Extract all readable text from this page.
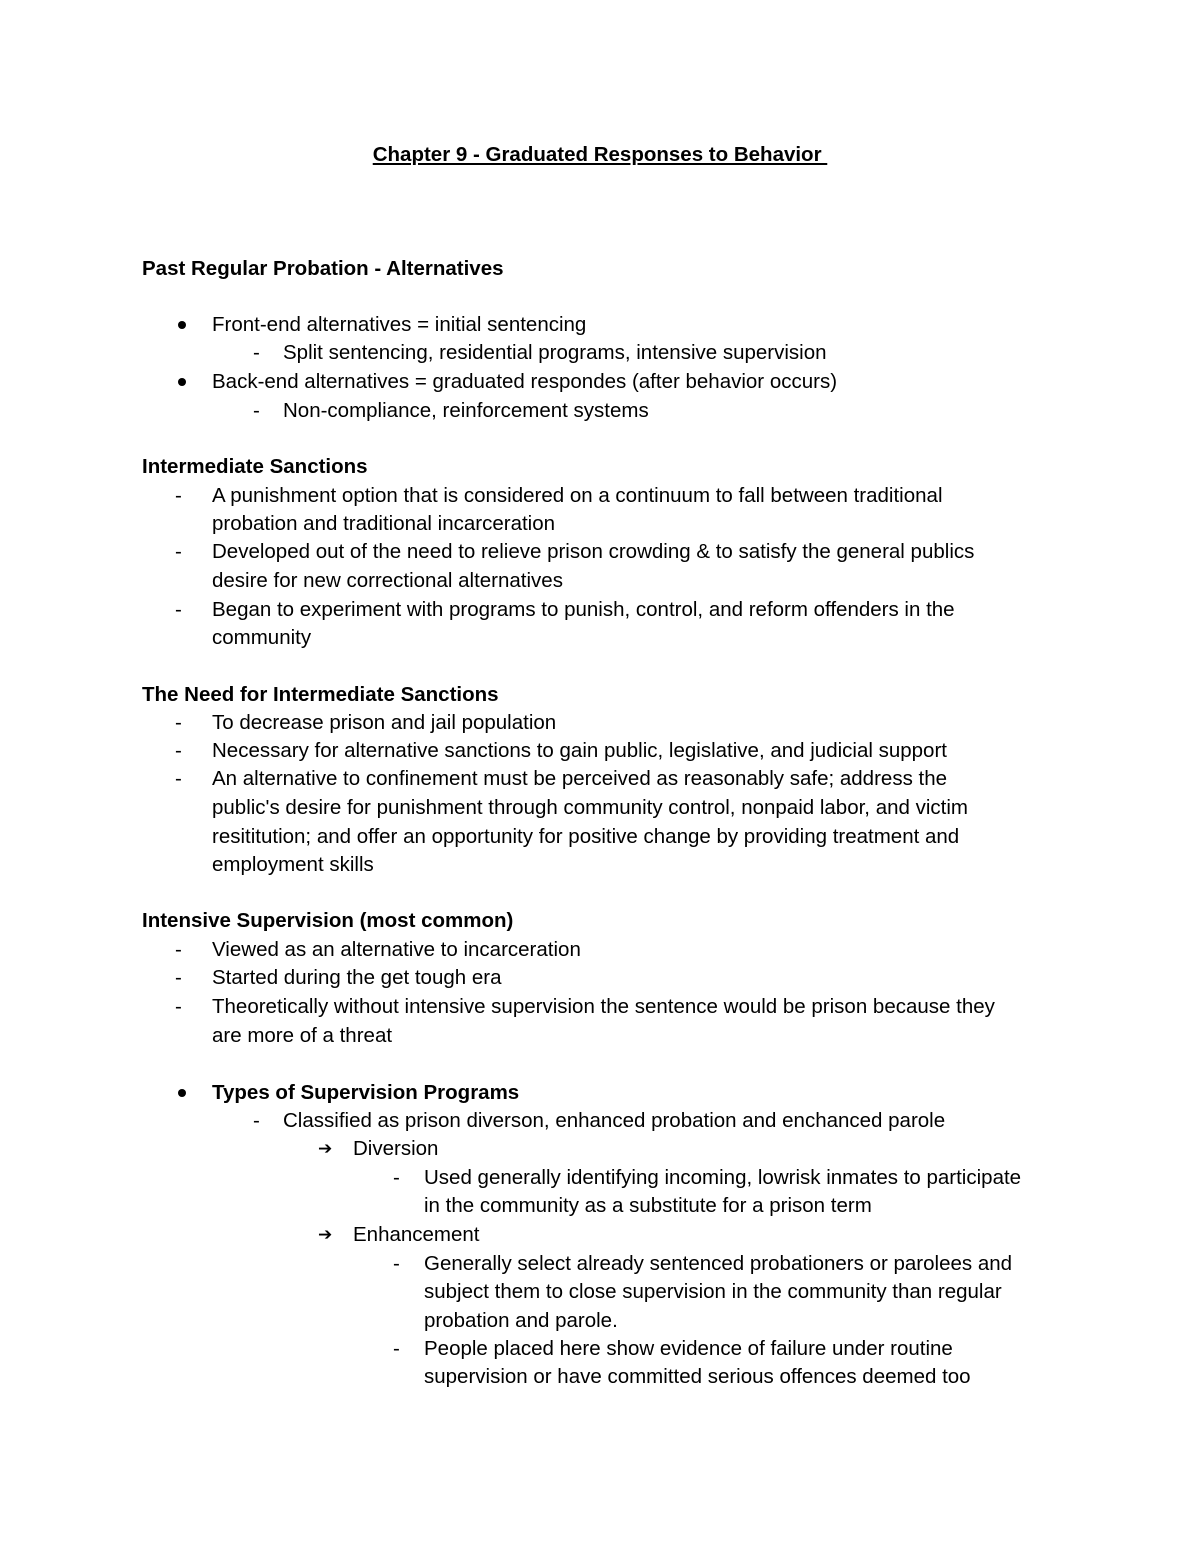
Chapter 9 - Graduated Responses to Behavior
Past Regular Probation - Alternatives
Front-end alternatives = initial sentencing
- Split sentencing, residential programs, intensive supervision
Back-end alternatives = graduated respondes (after behavior occurs)
- Non-compliance, reinforcement systems
Intermediate Sanctions
- A punishment option that is considered on a continuum to fall between traditional
probation and traditional incarceration
- Developed out of the need to relieve prison crowding & to satisfy the general publics
desire for new correctional alternatives
- Began to experiment with programs to punish, control, and reform offenders in the
community
The Need for Intermediate Sanctions
- To decrease prison and jail population
- Necessary for alternative sanctions to gain public, legislative, and judicial support
- An alternative to confinement must be perceived as reasonably safe; address the
public's desire for punishment through community control, nonpaid labor, and victim
resititution; and offer an opportunity for positive change by providing treatment and
employment skills
Intensive Supervision (most common)
- Viewed as an alternative to incarceration
- Started during the get tough era
- Theoretically without intensive supervision the sentence would be prison because they
are more of a threat
Types of Supervision Programs
- Classified as prison diverson, enhanced probation and enchanced parole
➔ Diversion
- Used generally identifying incoming, lowrisk inmates to participate
in the community as a substitute for a prison term
➔ Enhancement
- Generally select already sentenced probationers or parolees and
subject them to close supervision in the community than regular
probation and parole.
- People placed here show evidence of failure under routine
supervision or have committed serious offences deemed too
